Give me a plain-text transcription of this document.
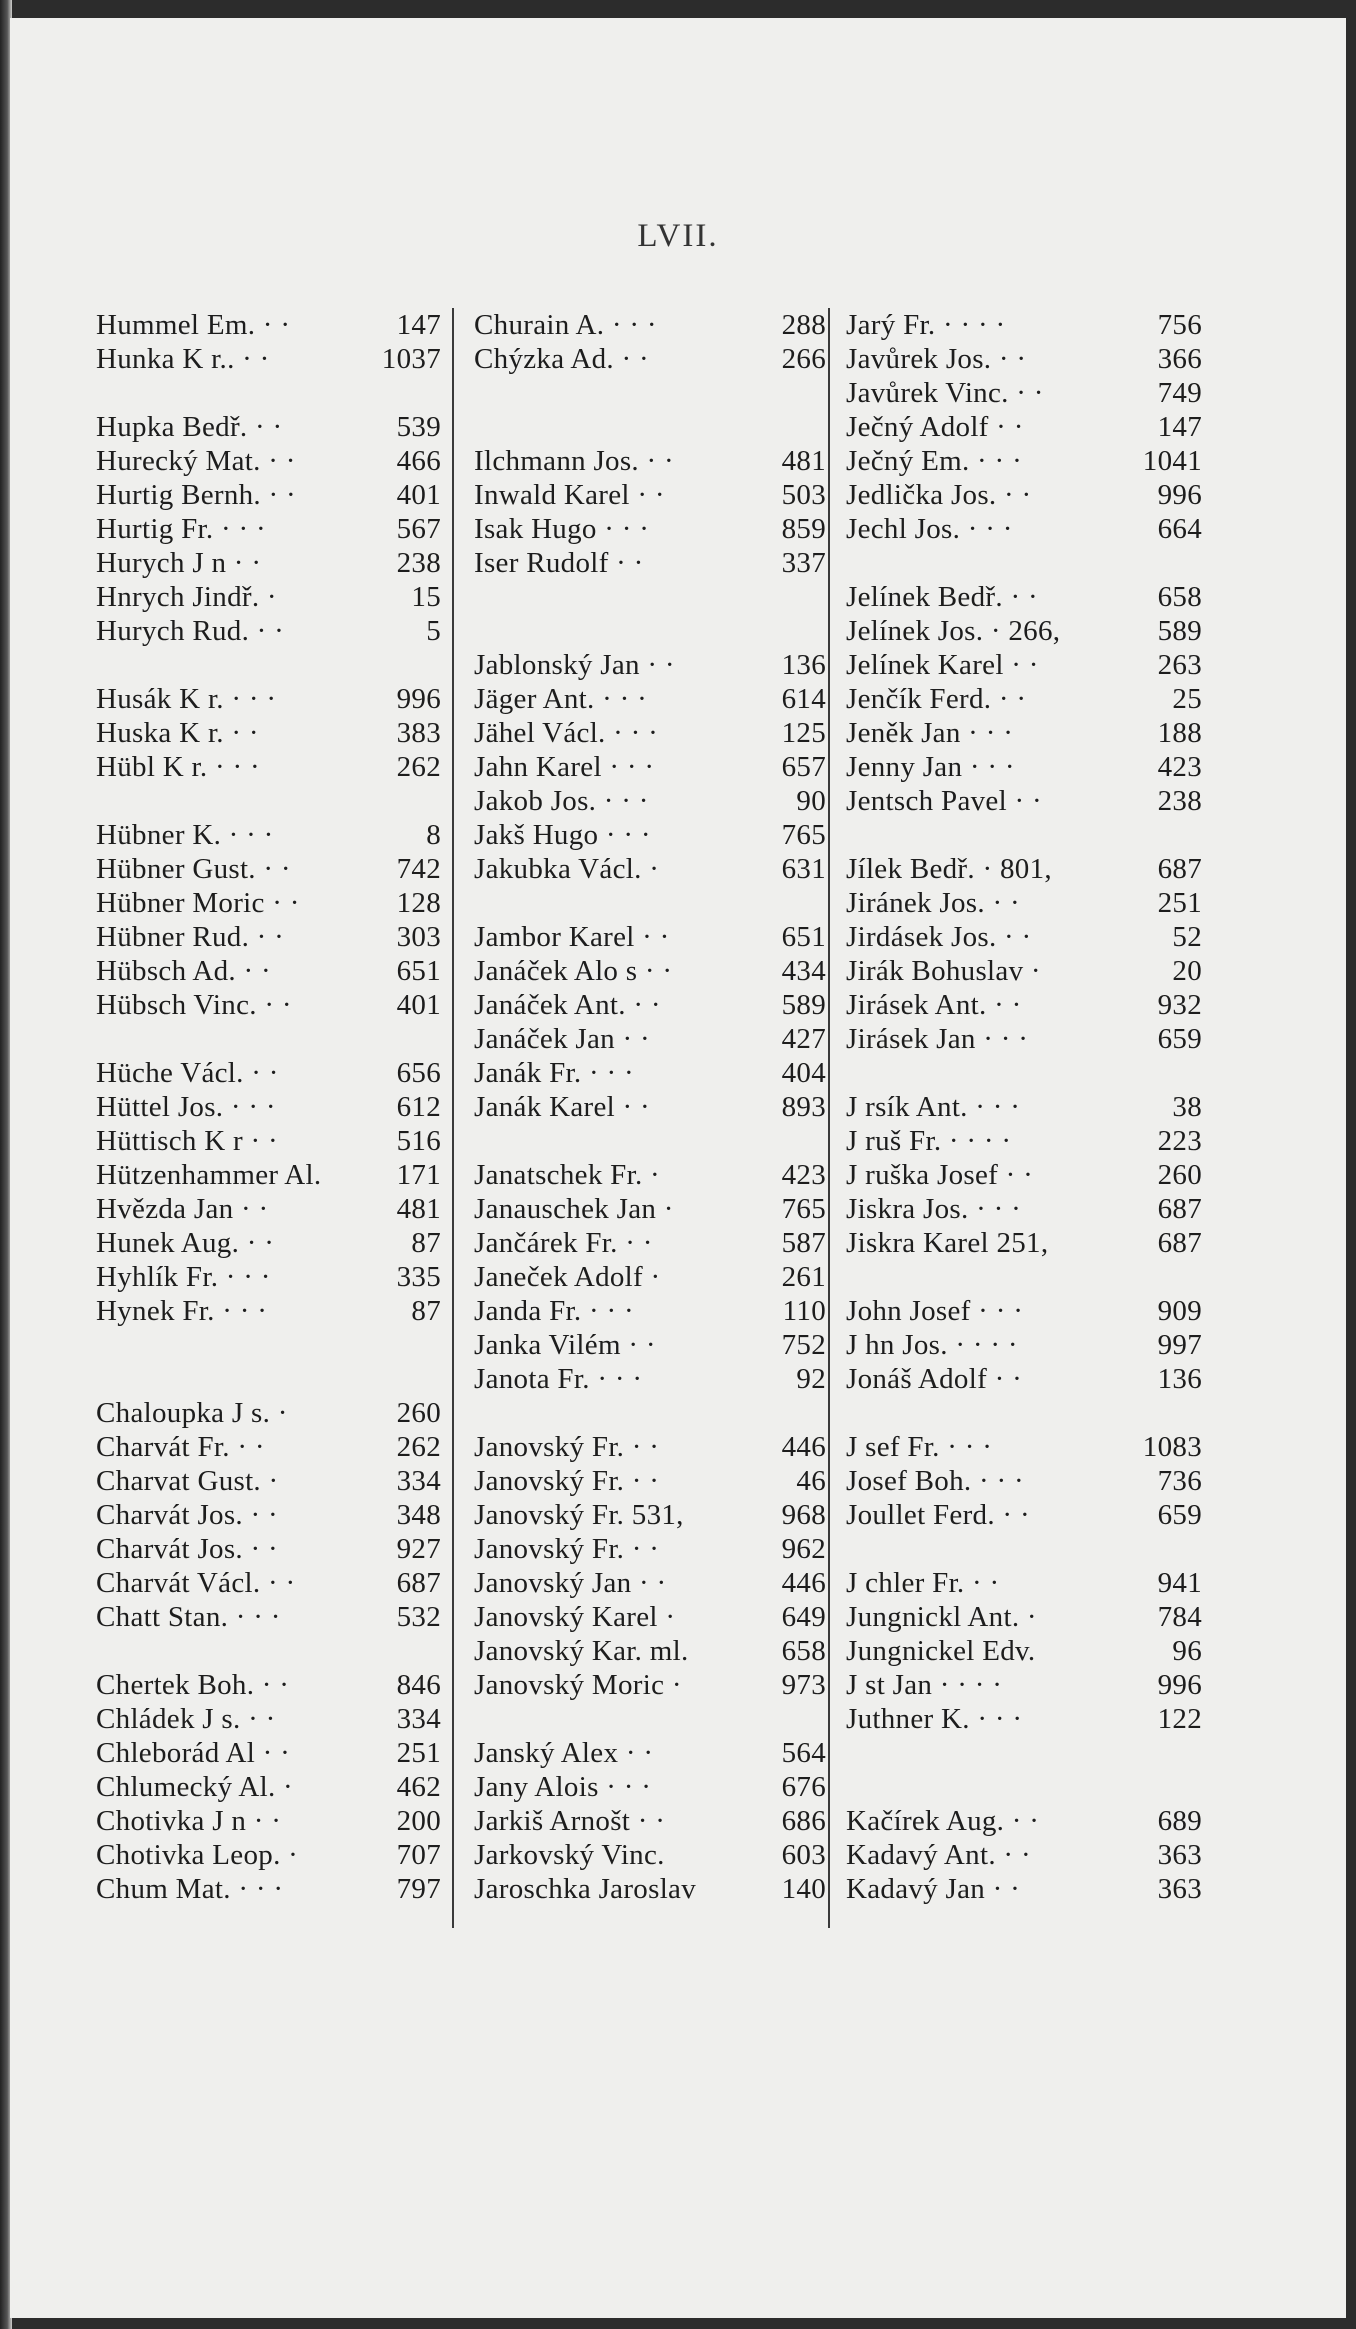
LVII.
Hummel Em. · ·	147
Hunka K r.. · ·	1037
Hupka Bedř. · ·	539
Hurecký Mat. · ·	466
Hurtig Bernh. · ·	401
Hurtig Fr. · · ·	567
Hurych J n · ·	238
Hnrych Jindř. ·	15
Hurych Rud. · ·	5
Husák K r. · · ·	996
Huska K r. · ·	383
Hübl K r. · · ·	262
Hübner K. · · ·	8
Hübner Gust. · ·	742
Hübner Moric · ·	128
Hübner Rud. · ·	303
Hübsch Ad. · ·	651
Hübsch Vinc. · ·	401
Hüche Václ. · ·	656
Hüttel Jos. · · ·	612
Hüttisch K r · ·	516
Hützenhammer Al.	171
Hvězda Jan · ·	481
Hunek Aug. · ·	87
Hyhlík Fr. · · ·	335
Hynek Fr. · · ·	87
Chaloupka J s. ·	260
Charvát Fr. · ·	262
Charvat Gust. ·	334
Charvát Jos. · ·	348
Charvát Jos. · ·	927
Charvát Václ. · ·	687
Chatt Stan. · · ·	532
Chertek Boh. · ·	846
Chládek J s. · ·	334
Chleborád Al · ·	251
Chlumecký Al. ·	462
Chotivka J n · ·	200
Chotivka Leop. ·	707
Chum Mat. · · ·	797
Churain A. · · ·	288
Chýzka Ad. · ·	266
Ilchmann Jos. · ·	481
Inwald Karel · ·	503
Isak Hugo · · ·	859
Iser Rudolf · ·	337
Jablonský Jan · ·	136
Jäger Ant. · · ·	614
Jähel Václ. · · ·	125
Jahn Karel · · ·	657
Jakob Jos. · · ·	90
Jakš Hugo · · ·	765
Jakubka Václ. ·	631
Jambor Karel · ·	651
Janáček Alo s · ·	434
Janáček Ant. · ·	589
Janáček Jan · ·	427
Janák Fr. · · ·	404
Janák Karel · ·	893
Janatschek Fr. ·	423
Janauschek Jan ·	765
Jančárek Fr. · ·	587
Janeček Adolf ·	261
Janda Fr. · · ·	110
Janka Vilém · ·	752
Janota Fr. · · ·	92
Janovský Fr. · ·	446
Janovský Fr. · ·	46
Janovský Fr. 531,	968
Janovský Fr. · ·	962
Janovský Jan · ·	446
Janovský Karel ·	649
Janovský Kar. ml.	658
Janovský Moric ·	973
Janský Alex · ·	564
Jany Alois · · ·	676
Jarkiš Arnošt · ·	686
Jarkovský Vinc.	603
Jaroschka Jaroslav	140
Jarý Fr. · · · ·	756
Javůrek Jos. · ·	366
Javůrek Vinc. · ·	749
Ječný Adolf · ·	147
Ječný Em. · · ·	1041
Jedlička Jos. · ·	996
Jechl Jos. · · ·	664
Jelínek Bedř. · ·	658
Jelínek Jos. · 266,	589
Jelínek Karel · ·	263
Jenčík Ferd. · ·	25
Jeněk Jan · · ·	188
Jenny Jan · · ·	423
Jentsch Pavel · ·	238
Jílek Bedř. · 801,	687
Jiránek Jos. · ·	251
Jirdásek Jos. · ·	52
Jirák Bohuslav ·	20
Jirásek Ant. · ·	932
Jirásek Jan · · ·	659
J rsík Ant. · · ·	38
J ruš Fr. · · · ·	223
J ruška Josef · ·	260
Jiskra Jos. · · ·	687
Jiskra Karel 251,	687
John Josef · · ·	909
J hn Jos. · · · ·	997
Jonáš Adolf · ·	136
J sef Fr. · · ·	1083
Josef Boh. · · ·	736
Joullet Ferd. · ·	659
J chler Fr. · ·	941
Jungnickl Ant. ·	784
Jungnickel Edv.	96
J st Jan · · · ·	996
Juthner K. · · ·	122
Kačírek Aug. · ·	689
Kadavý Ant. · ·	363
Kadavý Jan · ·	363
